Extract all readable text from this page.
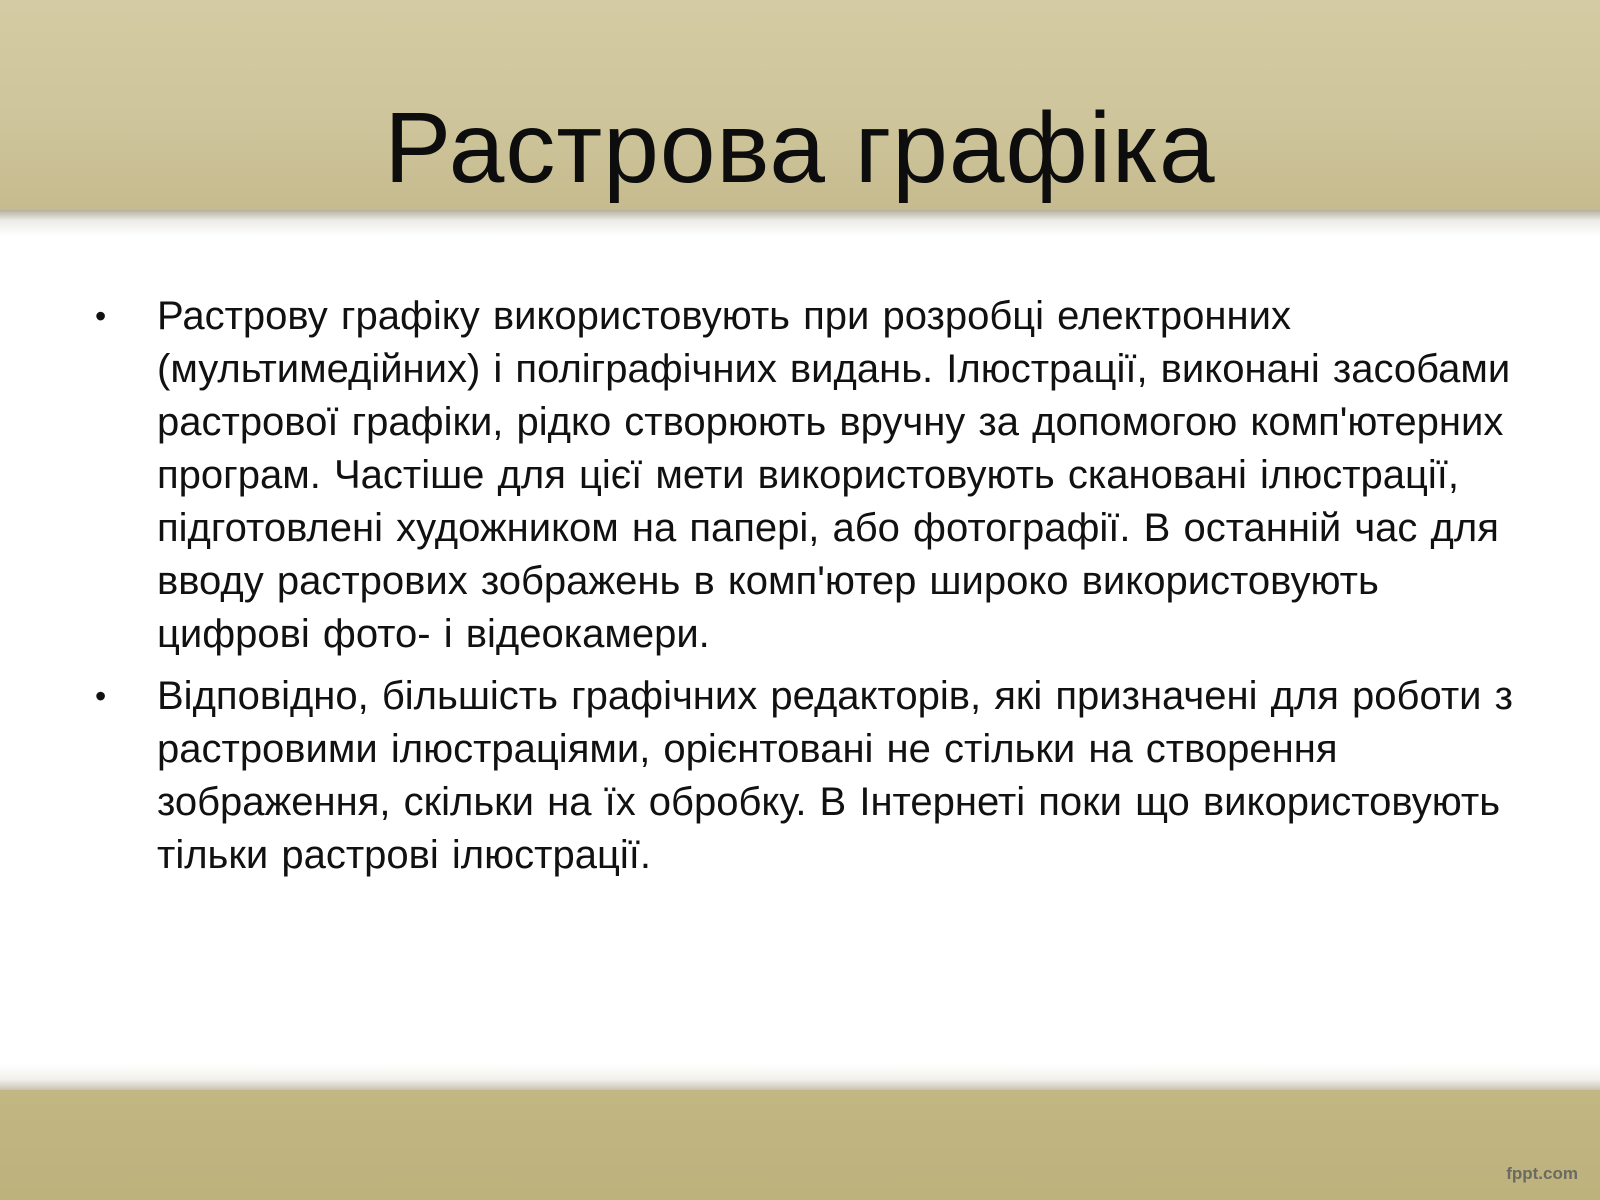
Растрова графіка
• Растрову графіку використовують при розробці електронних (мультимедійних) і поліграфічних видань. Ілюстрації, виконані засобами растрової графіки, рідко створюють вручну за допомогою комп'ютерних програм. Частіше для цієї мети використовують скановані ілюстрації, підготовлені художником на папері, або фотографії. В останній час для вводу растрових зображень в комп'ютер широко використовують цифрові фото- і відеокамери.
• Відповідно, більшість графічних редакторів, які призначені для роботи з растровими ілюстраціями, орієнтовані не стільки на створення зображення, скільки на їх обробку. В Інтернеті поки що використовують тільки растрові ілюстрації.
fppt.com
